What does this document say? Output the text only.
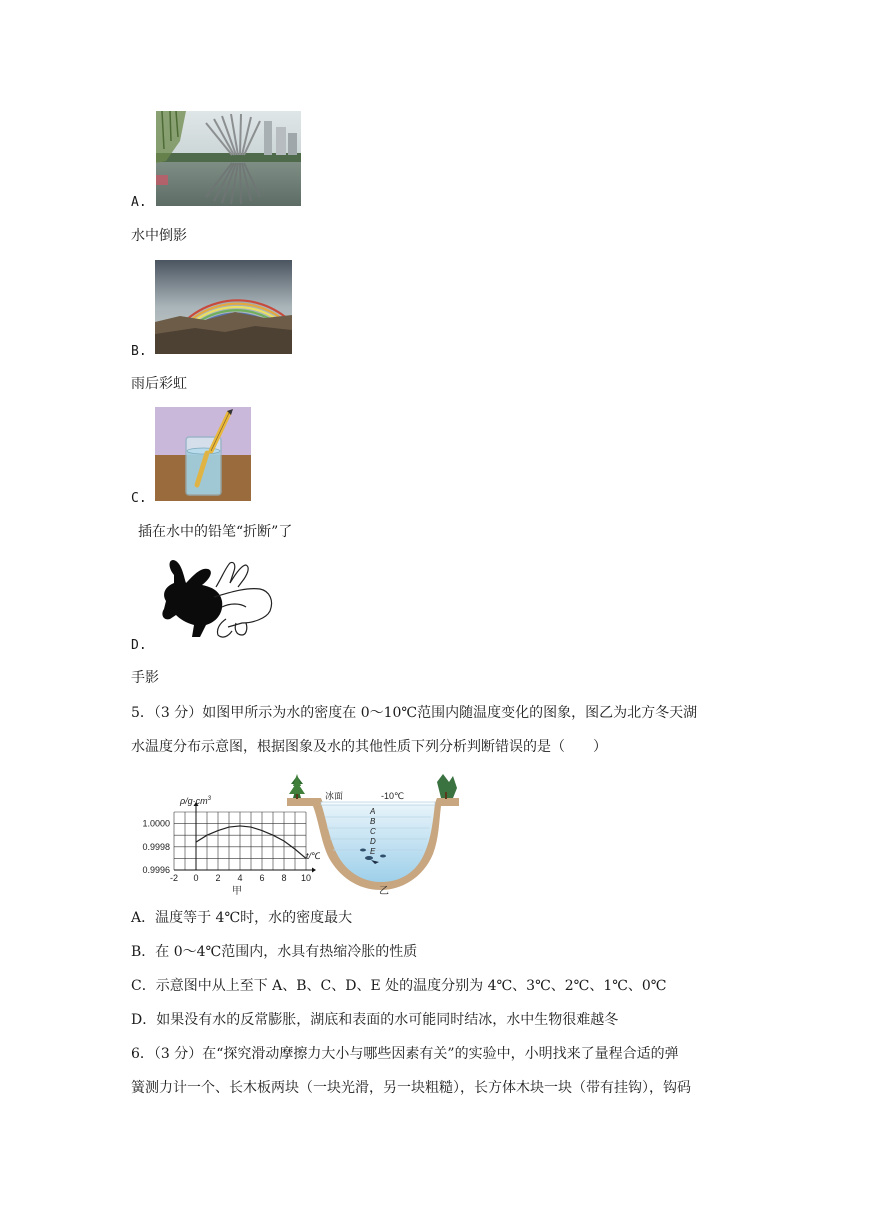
A.
水中倒影
B.
雨后彩虹
C.
插在水中的铅笔“折断”了
D.
手影
5．（3 分）如图甲所示为水的密度在 0～10℃范围内随温度变化的图象，图乙为北方冬天湖
水温度分布示意图，根据图象及水的其他性质下列分析判断错误的是（　　）
0.9996
0.9998
1.0000
-2 0 2 4 6 8 10
$\rho/g\cdot cm^3$
t/℃
甲
冰面	-10℃
A
B
C
D
E
乙
A．温度等于 4℃时，水的密度最大
B．在 0～4℃范围内，水具有热缩冷胀的性质
C．示意图中从上至下 A、B、C、D、E 处的温度分别为 4℃、3℃、2℃、1℃、0℃
D．如果没有水的反常膨胀，湖底和表面的水可能同时结冰，水中生物很难越冬
6．（3 分）在“探究滑动摩擦力大小与哪些因素有关”的实验中，小明找来了量程合适的弹
簧测力计一个、长木板两块（一块光滑，另一块粗糙），长方体木块一块（带有挂钩），钩码
